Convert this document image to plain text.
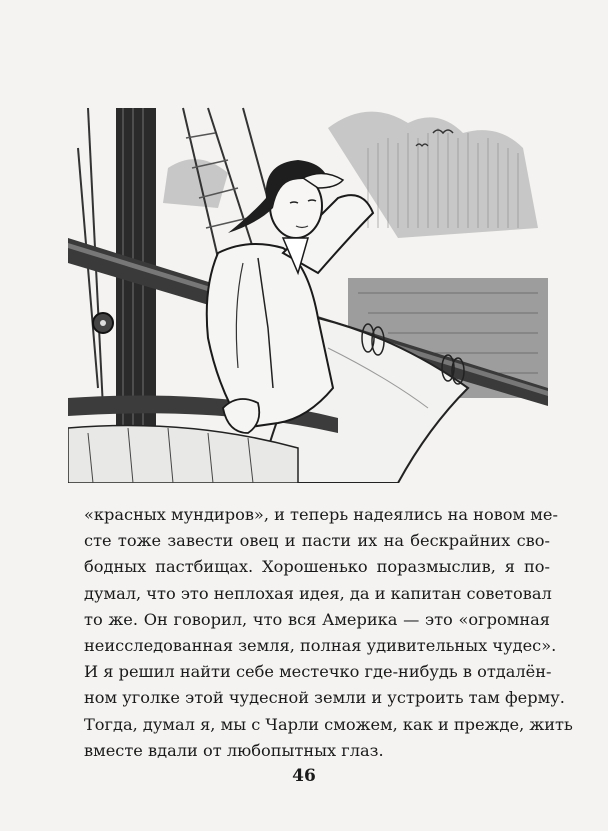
«красных мундиров», и теперь надеялись на новом ме-
сте тоже завести овец и пасти их на бескрайних сво-
бодных пастбищах. Хорошенько поразмыслив, я по-
думал, что это неплохая идея, да и капитан советовал
то же. Он говорил, что вся Америка — это «огромная
неисследованная земля, полная удивительных чудес».
И я решил найти себе местечко где-нибудь в отдалён-
ном уголке этой чудесной земли и устроить там ферму.
Тогда, думал я, мы с Чарли сможем, как и прежде, жить
вместе вдали от любопытных глаз.
46
